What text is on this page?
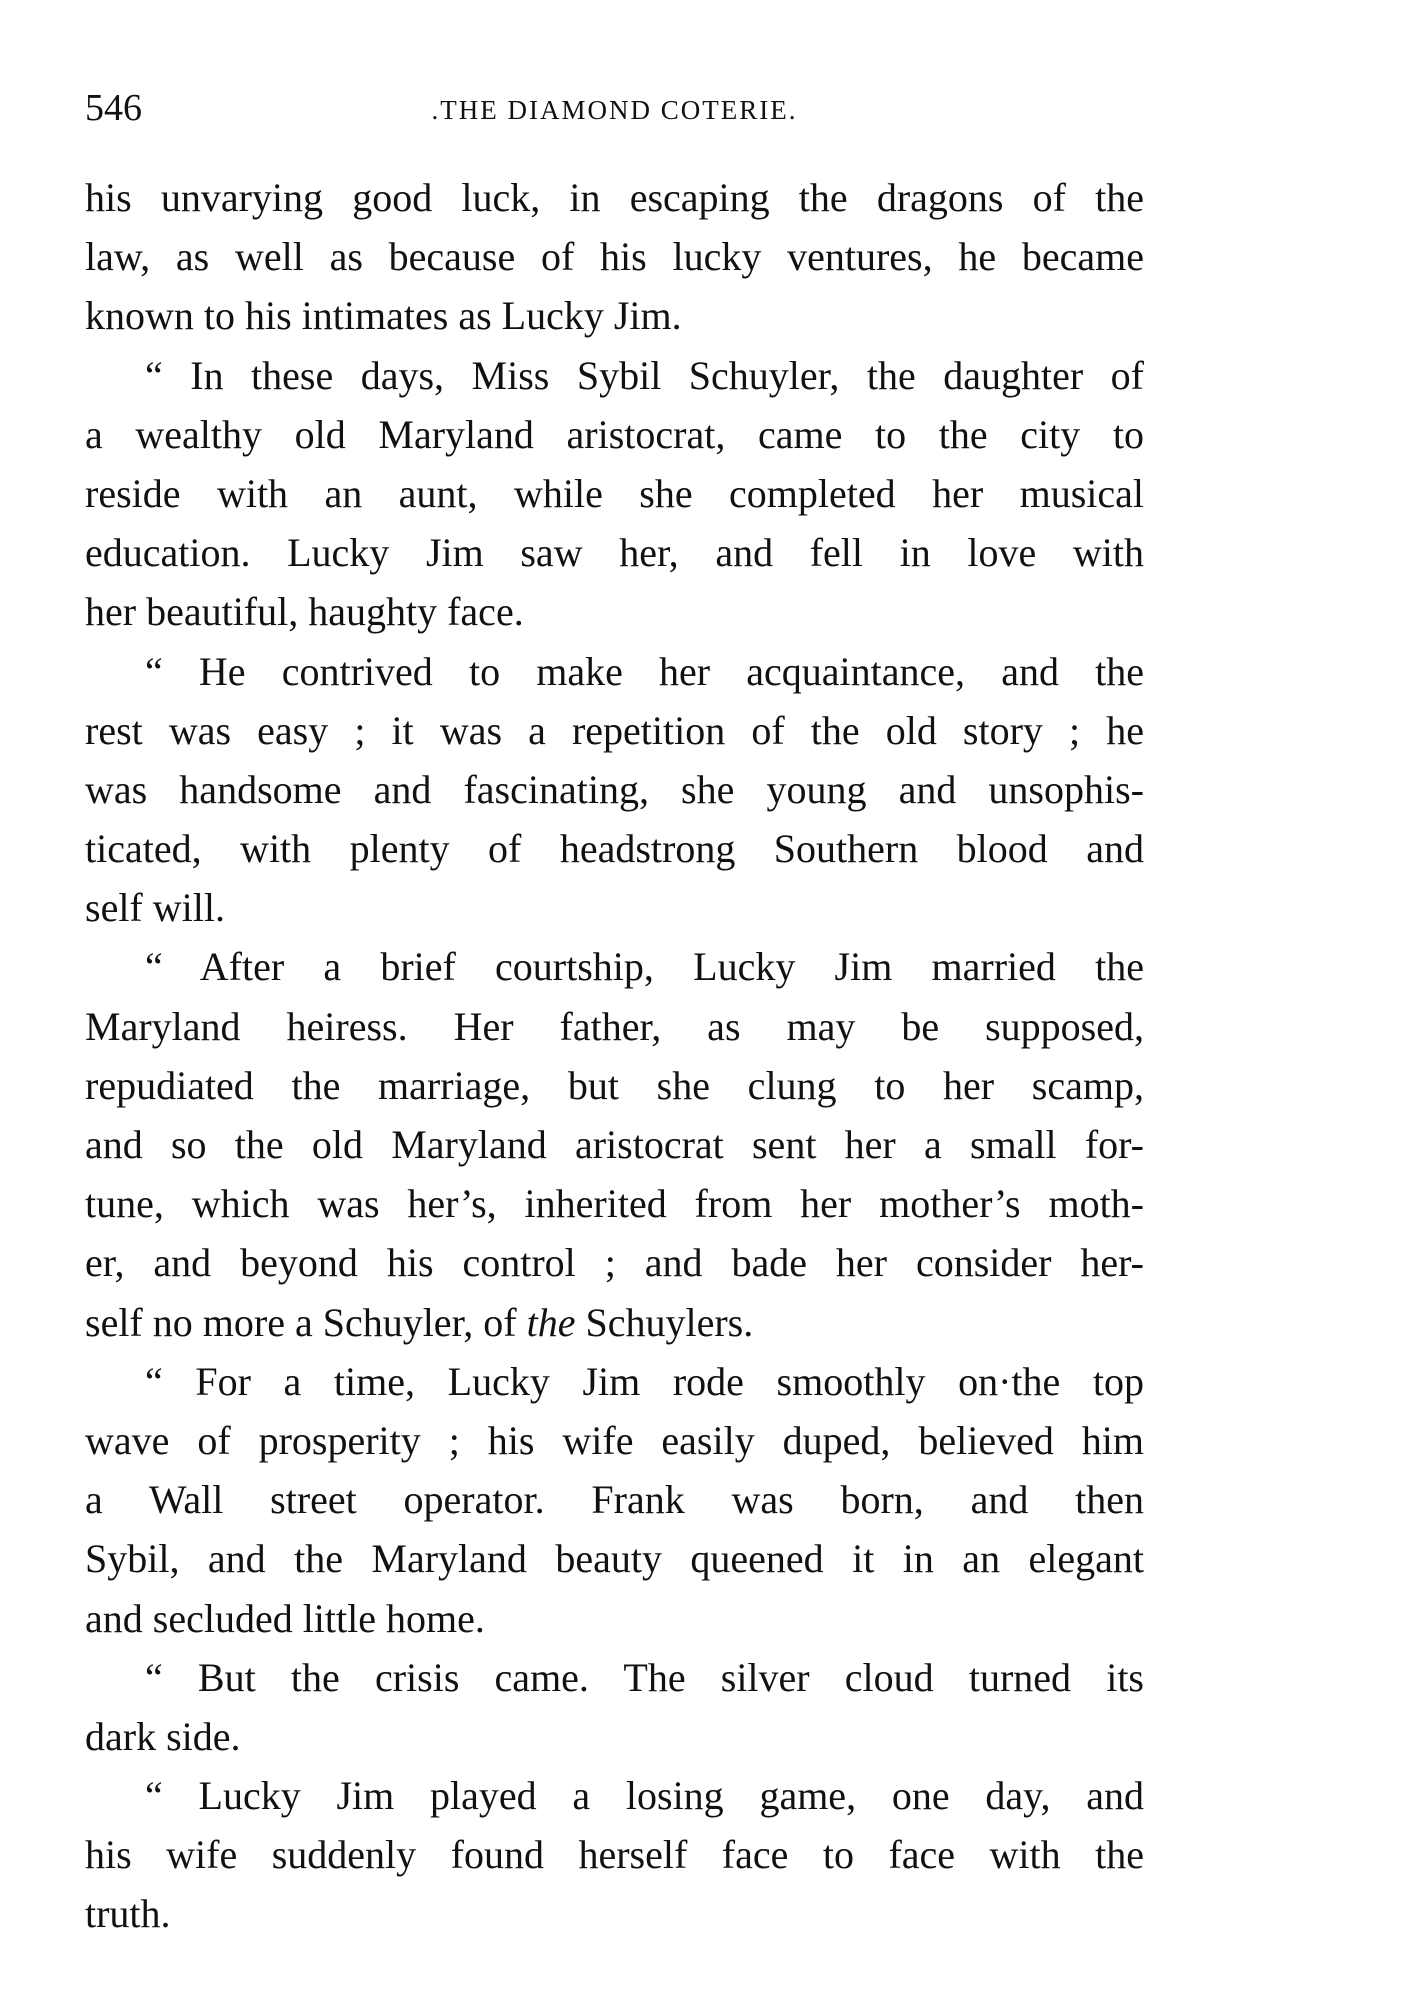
546	.THE DIAMOND COTERIE.
his unvarying good luck, in escaping the dragons of the
law, as well as because of his lucky ventures, he became
known to his intimates as Lucky Jim.
“ In these days, Miss Sybil Schuyler, the daughter of
a wealthy old Maryland aristocrat, came to the city to
reside with an aunt, while she completed her musical
education. Lucky Jim saw her, and fell in love with
her beautiful, haughty face.
“ He contrived to make her acquaintance, and the
rest was easy ; it was a repetition of the old story ; he
was handsome and fascinating, she young and unsophis-
ticated, with plenty of headstrong Southern blood and
self will.
“ After a brief courtship, Lucky Jim married the
Maryland heiress. Her father, as may be supposed,
repudiated the marriage, but she clung to her scamp,
and so the old Maryland aristocrat sent her a small for-
tune, which was her’s, inherited from her mother’s moth-
er, and beyond his control ; and bade her consider her-
self no more a Schuyler, of the Schuylers.
“ For a time, Lucky Jim rode smoothly on·the top
wave of prosperity ; his wife easily duped, believed him
a Wall street operator. Frank was born, and then
Sybil, and the Maryland beauty queened it in an elegant
and secluded little home.
“ But the crisis came. The silver cloud turned its
dark side.
“ Lucky Jim played a losing game, one day, and
his wife suddenly found herself face to face with the
truth.
